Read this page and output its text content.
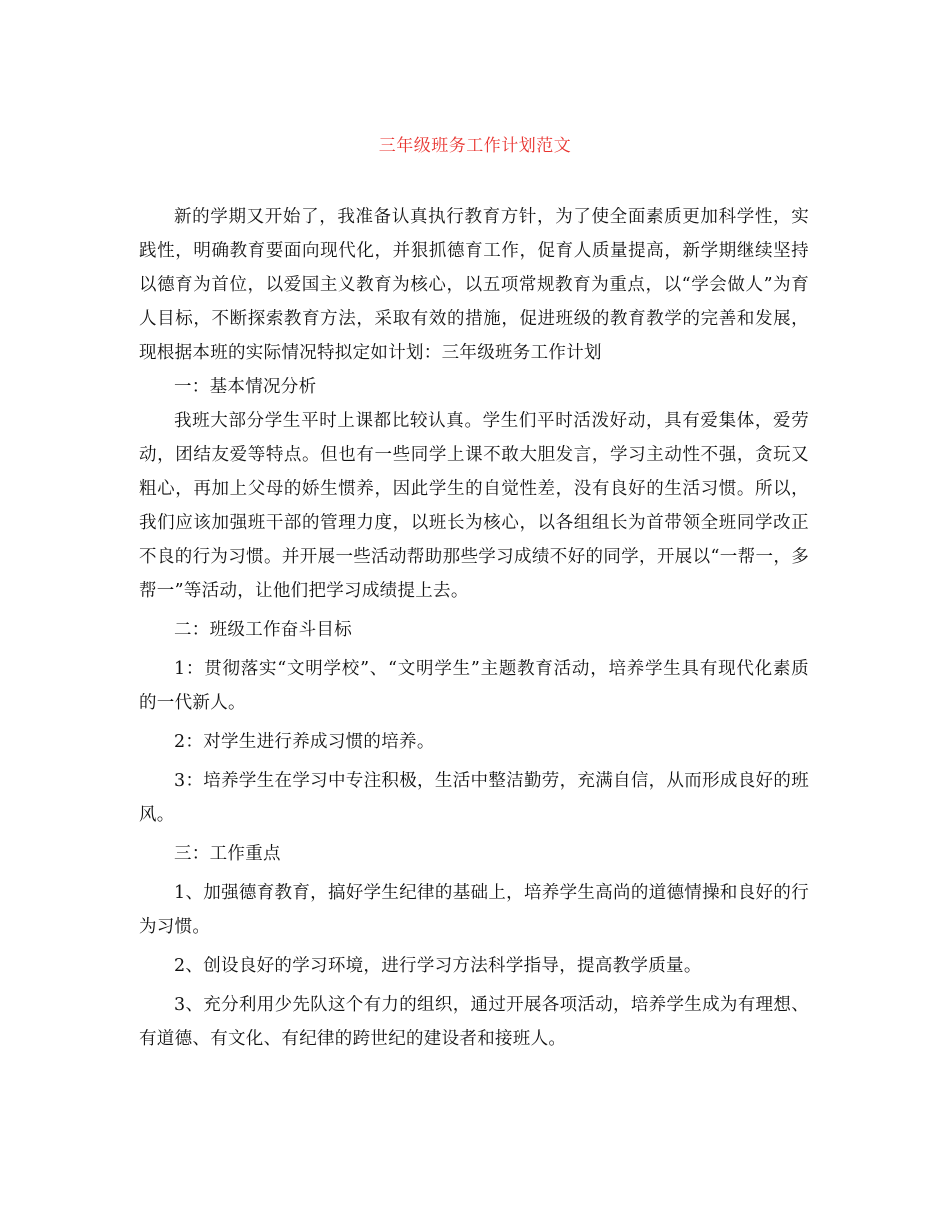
三年级班务工作计划范文

新的学期又开始了，我准备认真执行教育方针，为了使全面素质更加科学性，实践性，明确教育要面向现代化，并狠抓德育工作，促育人质量提高，新学期继续坚持以德育为首位，以爱国主义教育为核心，以五项常规教育为重点，以“学会做人”为育人目标，不断探索教育方法，采取有效的措施，促进班级的教育教学的完善和发展，现根据本班的实际情况特拟定如计划：三年级班务工作计划

一：基本情况分析

我班大部分学生平时上课都比较认真。学生们平时活泼好动，具有爱集体，爱劳动，团结友爱等特点。但也有一些同学上课不敢大胆发言，学习主动性不强，贪玩又粗心，再加上父母的娇生惯养，因此学生的自觉性差，没有良好的生活习惯。所以，我们应该加强班干部的管理力度，以班长为核心，以各组组长为首带领全班同学改正不良的行为习惯。并开展一些活动帮助那些学习成绩不好的同学，开展以“一帮一，多帮一”等活动，让他们把学习成绩提上去。

二：班级工作奋斗目标

1：贯彻落实“文明学校”、“文明学生”主题教育活动，培养学生具有现代化素质的一代新人。

2：对学生进行养成习惯的培养。

3：培养学生在学习中专注积极，生活中整洁勤劳，充满自信，从而形成良好的班风。

三：工作重点

1、加强德育教育，搞好学生纪律的基础上，培养学生高尚的道德情操和良好的行为习惯。

2、创设良好的学习环境，进行学习方法科学指导，提高教学质量。

3、充分利用少先队这个有力的组织，通过开展各项活动，培养学生成为有理想、有道德、有文化、有纪律的跨世纪的建设者和接班人。
